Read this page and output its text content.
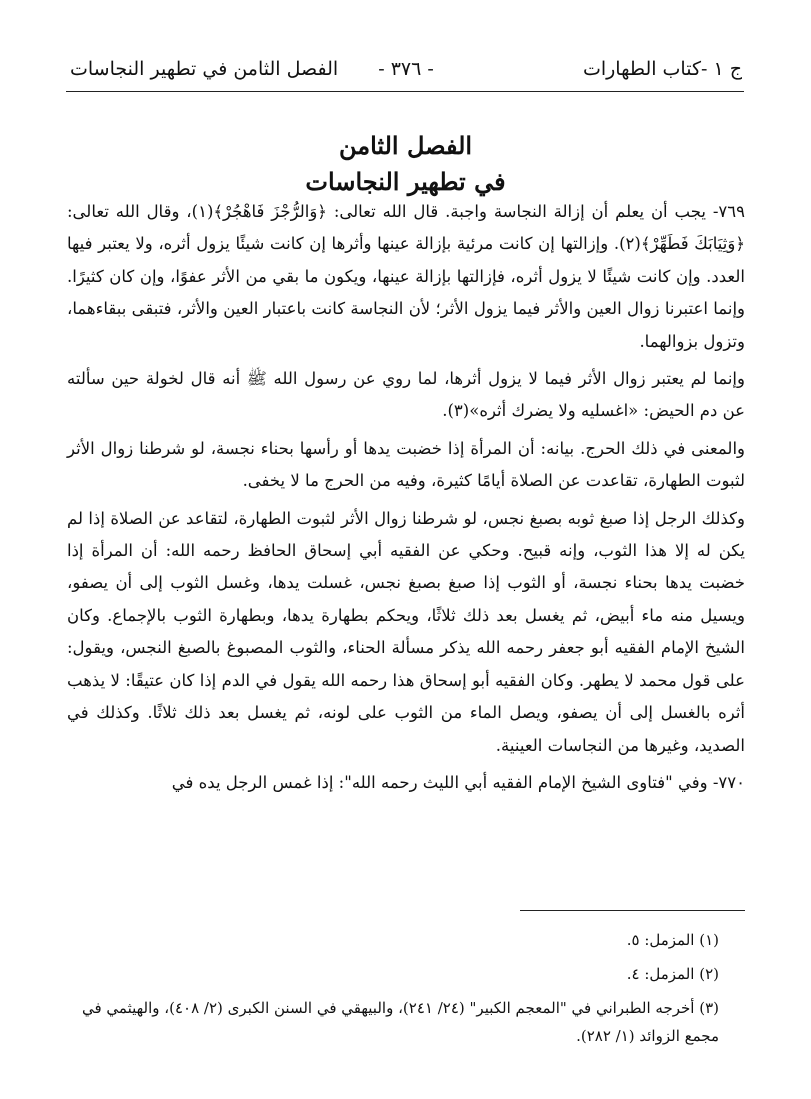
ج ١ -كتاب الطهارات
- ٣٧٦ -
الفصل الثامن في تطهير النجاسات
الفصل الثامن
في تطهير النجاسات

٧٦٩- يجب أن يعلم أن إزالة النجاسة واجبة. قال الله تعالى: ﴿وَالرُّجْزَ فَاهْجُرْ﴾(١)، وقال الله تعالى: ﴿وَثِيَابَكَ فَطَهِّرْ﴾(٢). وإزالتها إن كانت مرئية بإزالة عينها وأثرها إن كانت شيئًا يزول أثره، ولا يعتبر فيها العدد. وإن كانت شيئًا لا يزول أثره، فإزالتها بإزالة عينها، ويكون ما بقي من الأثر عفوًا، وإن كان كثيرًا. وإنما اعتبرنا زوال العين والأثر فيما يزول الأثر؛ لأن النجاسة كانت باعتبار العين والأثر، فتبقى ببقاءهما، وتزول بزوالهما.

وإنما لم يعتبر زوال الأثر فيما لا يزول أثرها، لما روي عن رسول الله ﷺ أنه قال لخولة حين سألته عن دم الحيض: «اغسليه ولا يضرك أثره»(٣).

والمعنى في ذلك الحرج. بيانه: أن المرأة إذا خضبت يدها أو رأسها بحناء نجسة، لو شرطنا زوال الأثر لثبوت الطهارة، تقاعدت عن الصلاة أيامًا كثيرة، وفيه من الحرج ما لا يخفى.

وكذلك الرجل إذا صبغ ثوبه بصبغ نجس، لو شرطنا زوال الأثر لثبوت الطهارة، لتقاعد عن الصلاة إذا لم يكن له إلا هذا الثوب، وإنه قبيح. وحكي عن الفقيه أبي إسحاق الحافظ رحمه الله: أن المرأة إذا خضبت يدها بحناء نجسة، أو الثوب إذا صبغ بصبغ نجس، غسلت يدها، وغسل الثوب إلى أن يصفو، ويسيل منه ماء أبيض، ثم يغسل بعد ذلك ثلاثًا، ويحكم بطهارة يدها، وبطهارة الثوب بالإجماع. وكان الشيخ الإمام الفقيه أبو جعفر رحمه الله يذكر مسألة الحناء، والثوب المصبوغ بالصبغ النجس، ويقول: على قول محمد لا يطهر. وكان الفقيه أبو إسحاق هذا رحمه الله يقول في الدم إذا كان عتيقًا: لا يذهب أثره بالغسل إلى أن يصفو، ويصل الماء من الثوب على لونه، ثم يغسل بعد ذلك ثلاثًا. وكذلك في الصديد، وغيرها من النجاسات العينية.

٧٧٠- وفي "فتاوى الشيخ الإمام الفقيه أبي الليث رحمه الله": إذا غمس الرجل يده في

(١) المزمل: ٥.

(٢) المزمل: ٤.

(٣) أخرجه الطبراني في "المعجم الكبير" (٢٤/ ٢٤١)، والبيهقي في السنن الكبرى (٢/ ٤٠٨)، والهيثمي في مجمع الزوائد (١/ ٢٨٢).
